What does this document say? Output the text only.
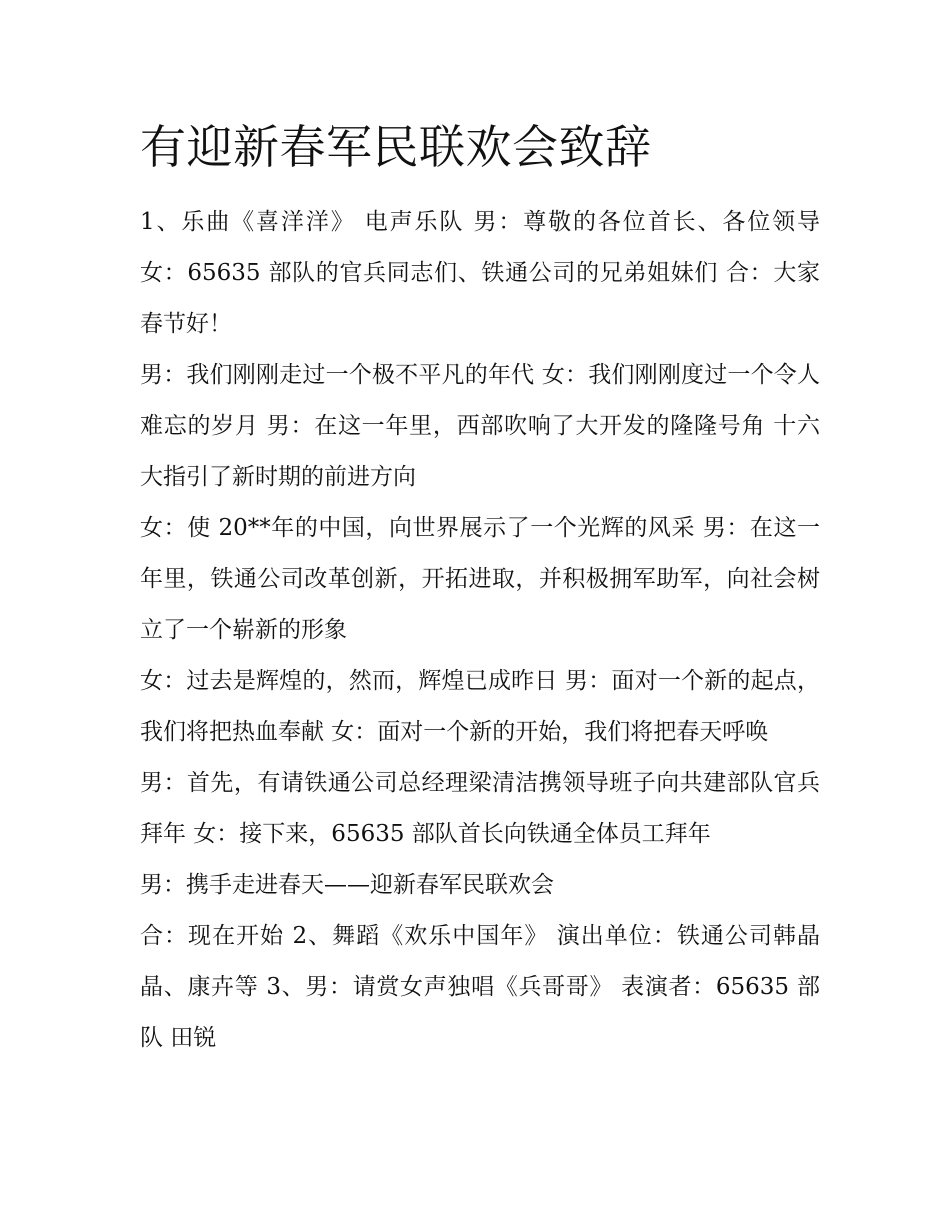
有迎新春军民联欢会致辞

1、乐曲《喜洋洋》 电声乐队 男：尊敬的各位首长、各位领导 女：65635 部队的官兵同志们、铁通公司的兄弟姐妹们 合：大家春节好！

男：我们刚刚走过一个极不平凡的年代 女：我们刚刚度过一个令人难忘的岁月 男：在这一年里，西部吹响了大开发的隆隆号角 十六大指引了新时期的前进方向

女：使 20**年的中国，向世界展示了一个光辉的风采 男：在这一年里，铁通公司改革创新，开拓进取，并积极拥军助军，向社会树立了一个崭新的形象

女：过去是辉煌的，然而，辉煌已成昨日 男：面对一个新的起点，我们将把热血奉献 女：面对一个新的开始，我们将把春天呼唤

男：首先，有请铁通公司总经理梁清洁携领导班子向共建部队官兵拜年 女：接下来，65635 部队首长向铁通全体员工拜年

男：携手走进春天——迎新春军民联欢会

合：现在开始 2、舞蹈《欢乐中国年》 演出单位：铁通公司韩晶晶、康卉等 3、男：请赏女声独唱《兵哥哥》 表演者：65635 部队 田锐
